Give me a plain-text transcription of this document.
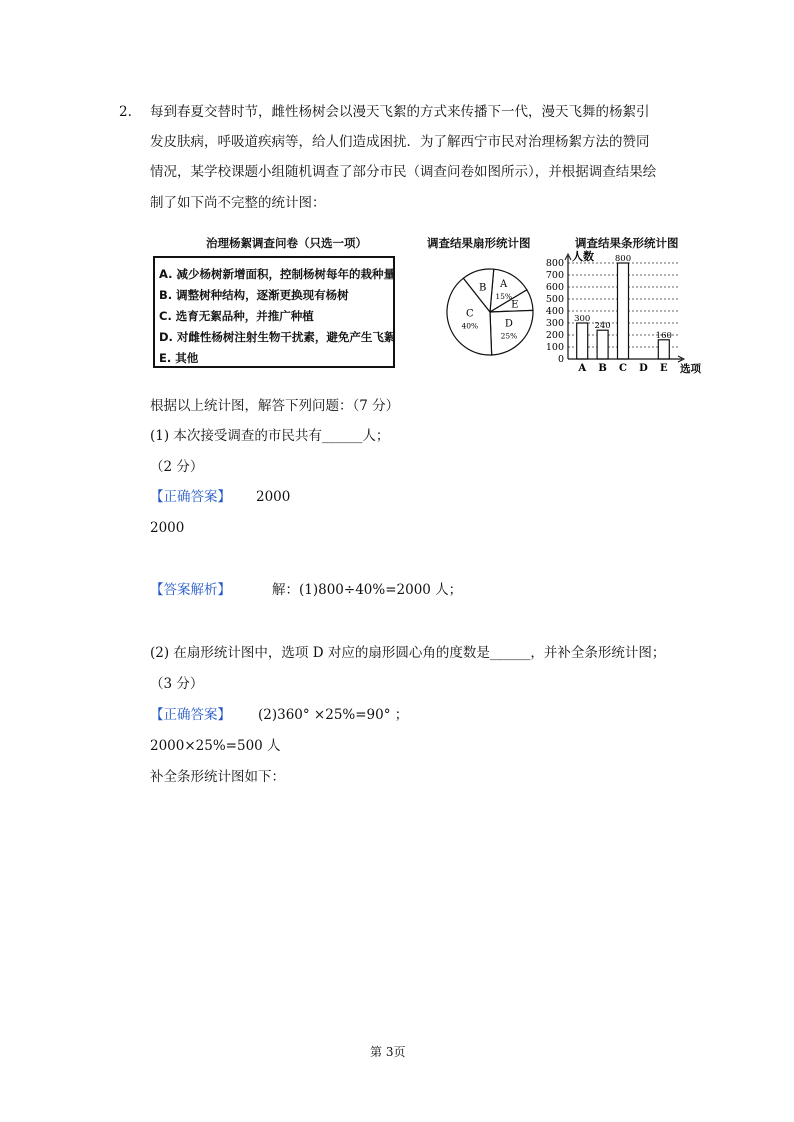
2. 每到春夏交替时节，雌性杨树会以漫天飞絮的方式来传播下一代，漫天飞舞的杨絮引
发皮肤病，呼吸道疾病等，给人们造成困扰．为了解西宁市民对治理杨絮方法的赞同
情况，某学校课题小组随机调查了部分市民（调查问卷如图所示），并根据调查结果绘
制了如下尚不完整的统计图：
治理杨絮调查问卷（只选一项）
A. 减少杨树新增面积，控制杨树每年的栽种量
B. 调整树种结构，逐渐更换现有杨树
C. 选育无絮品种，并推广种植
D. 对雌性杨树注射生物干扰素，避免产生飞絮
E. 其他
调查结果扇形统计图
A
15%
E
D
25%
C
40%
B
调查结果条形统计图
0
100
200
300
400
500
600
700
800
人数
300
A
240
B
800
C D
160
E 选项
根据以上统计图，解答下列问题：（7 分）
(1) 本次接受调查的市民共有______人；
（2 分）
【正确答案】 2000
2000
【答案解析】	解：(1)800÷40%=2000 人；
(2) 在扇形统计图中，选项 D 对应的扇形圆心角的度数是______，并补全条形统计图；
（3 分）
【正确答案】 (2)360° ×25%=90° ；
2000×25%=500 人
补全条形统计图如下：
第 3页
